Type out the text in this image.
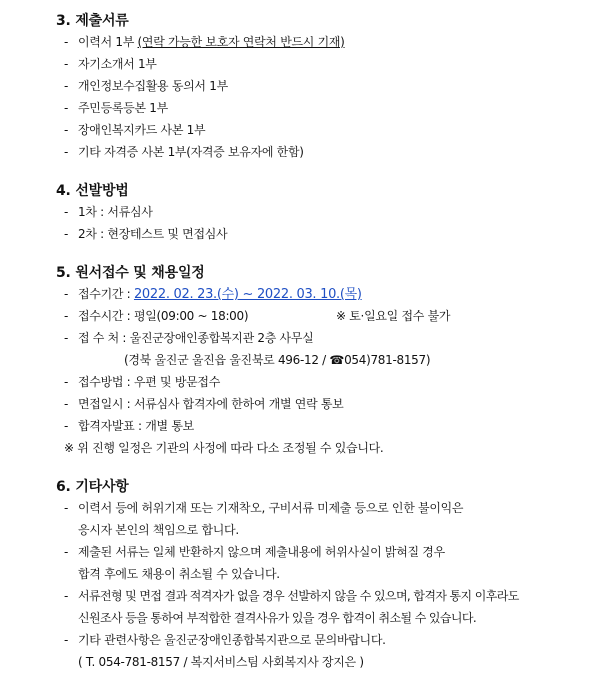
3. 제출서류
- 이력서 1부 (연락 가능한 보호자 연락처 반드시 기재)
- 자기소개서 1부
- 개인정보수집활용 동의서 1부
- 주민등록등본 1부
- 장애인복지카드 사본 1부
- 기타 자격증 사본 1부(자격증 보유자에 한함)
4. 선발방법
- 1차 : 서류심사
- 2차 : 현장테스트 및 면접심사
5. 원서접수 및 채용일정
- 접수기간 : 2022. 02. 23.(수) ~ 2022. 03. 10.(목)
- 접수시간 : 평일(09:00 ~ 18:00)	※ 토·일요일 접수 불가
- 접 수 처 : 울진군장애인종합복지관 2층 사무실
(경북 울진군 울진읍 울진북로 496-12 / ☎054)781-8157)
- 접수방법 : 우편 및 방문접수
- 면접일시 : 서류심사 합격자에 한하여 개별 연락 통보
- 합격자발표 : 개별 통보
※ 위 진행 일정은 기관의 사정에 따라 다소 조정될 수 있습니다.
6. 기타사항
- 이력서 등에 허위기재 또는 기재착오, 구비서류 미제출 등으로 인한 불이익은
응시자 본인의 책임으로 합니다.
- 제출된 서류는 일체 반환하지 않으며 제출내용에 허위사실이 밝혀질 경우
합격 후에도 채용이 취소될 수 있습니다.
- 서류전형 및 면접 결과 적격자가 없을 경우 선발하지 않을 수 있으며, 합격자 통지 이후라도
신원조사 등을 통하여 부적합한 결격사유가 있을 경우 합격이 취소될 수 있습니다.
- 기타 관련사항은 울진군장애인종합복지관으로 문의바랍니다.
( T. 054-781-8157 / 복지서비스팀 사회복지사 장지은 )
